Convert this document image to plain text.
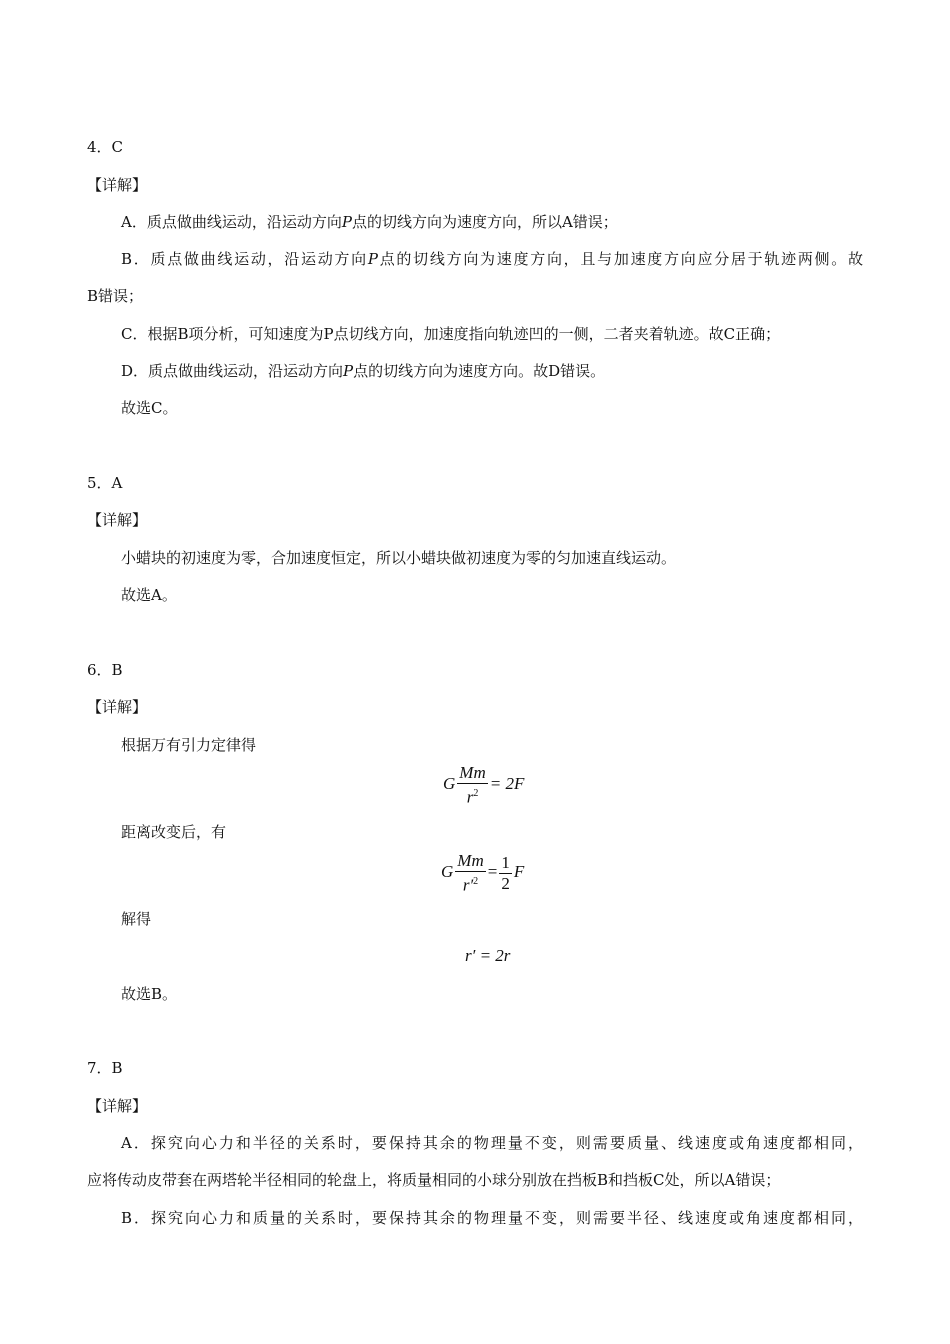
4．C
【详解】
A．质点做曲线运动，沿运动方向P点的切线方向为速度方向，所以A错误；
B．质点做曲线运动，沿运动方向P点的切线方向为速度方向，且与加速度方向应分居于轨迹两侧。故
B错误；
C．根据B项分析，可知速度为P点切线方向，加速度指向轨迹凹的一侧，二者夹着轨迹。故C正确；
D．质点做曲线运动，沿运动方向P点的切线方向为速度方向。故D错误。
故选C。
5．A
【详解】
小蜡块的初速度为零，合加速度恒定，所以小蜡块做初速度为零的匀加速直线运动。
故选A。
6．B
【详解】
根据万有引力定律得
G $\frac{Mm}{r^2} = 2F$
距离改变后，有
G $\frac{Mm}{r'^2} = \frac{1}{2}$ F
解得
r′ = 2r
故选B。
7．B
【详解】
A．探究向心力和半径的关系时，要保持其余的物理量不变，则需要质量、线速度或角速度都相同，
应将传动皮带套在两塔轮半径相同的轮盘上，将质量相同的小球分别放在挡板B和挡板C处，所以A错误；
B．探究向心力和质量的关系时，要保持其余的物理量不变，则需要半径、线速度或角速度都相同，
